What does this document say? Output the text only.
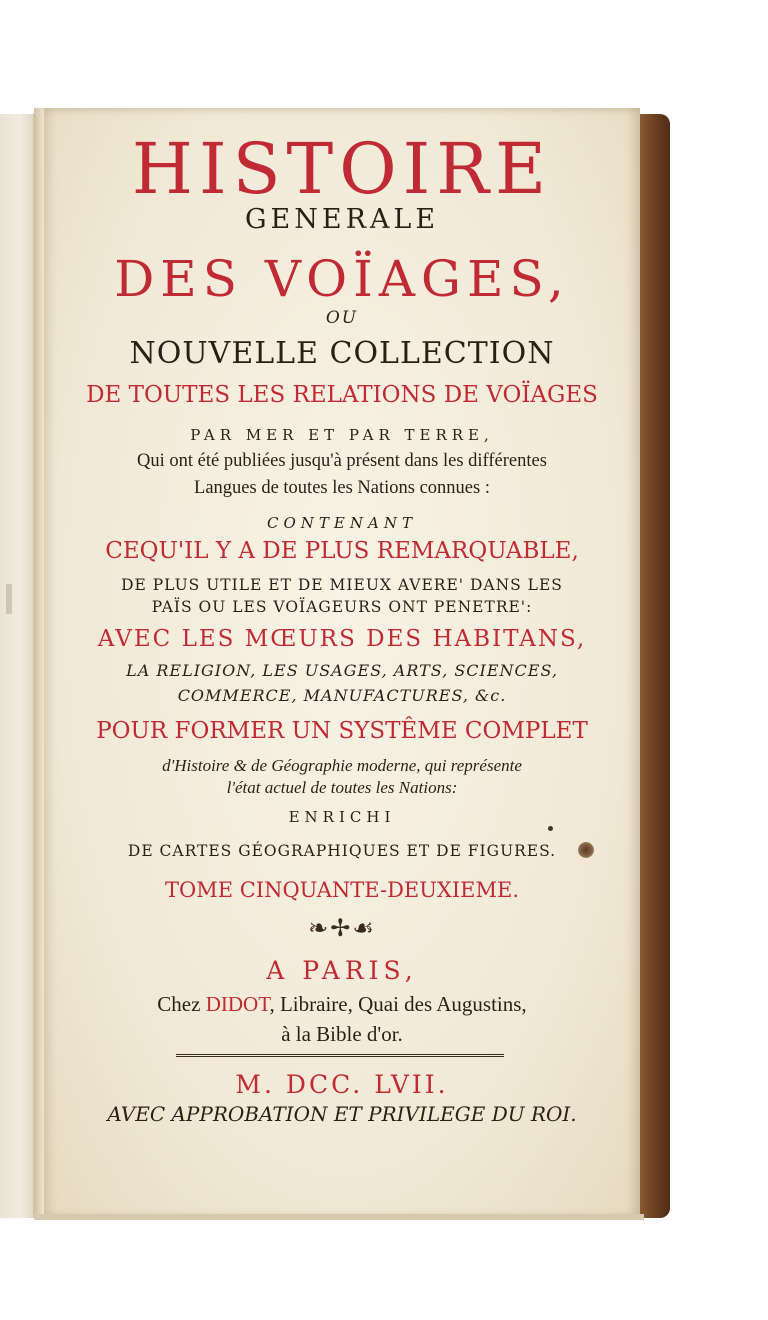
HISTOIRE
GENERALE
DES VOÏAGES,
OU
NOUVELLE COLLECTION
DE TOUTES LES RELATIONS DE VOÏAGES
PAR MER ET PAR TERRE,
Qui ont été publiées jusqu'à présent dans les différentes
Langues de toutes les Nations connues :
CONTENANT
CEQU'IL Y A DE PLUS REMARQUABLE,
DE PLUS UTILE ET DE MIEUX AVERE' DANS LES
PAÏS OU LES VOÏAGEURS ONT PENETRE':
AVEC LES MŒURS DES HABITANS,
LA RELIGION, LES USAGES, ARTS, SCIENCES,
COMMERCE, MANUFACTURES, &c.
POUR FORMER UN SYSTÊME COMPLET
d'Histoire & de Géographie moderne, qui représente
l'état actuel de toutes les Nations:
ENRICHI
DE CARTES GÉOGRAPHIQUES ET DE FIGURES.
TOME CINQUANTE-DEUXIEME.
❧✢☙
A PARIS,
Chez DIDOT, Libraire, Quai des Augustins,
à la Bible d'or.
M. DCC. LVII.
AVEC APPROBATION ET PRIVILEGE DU ROI.
